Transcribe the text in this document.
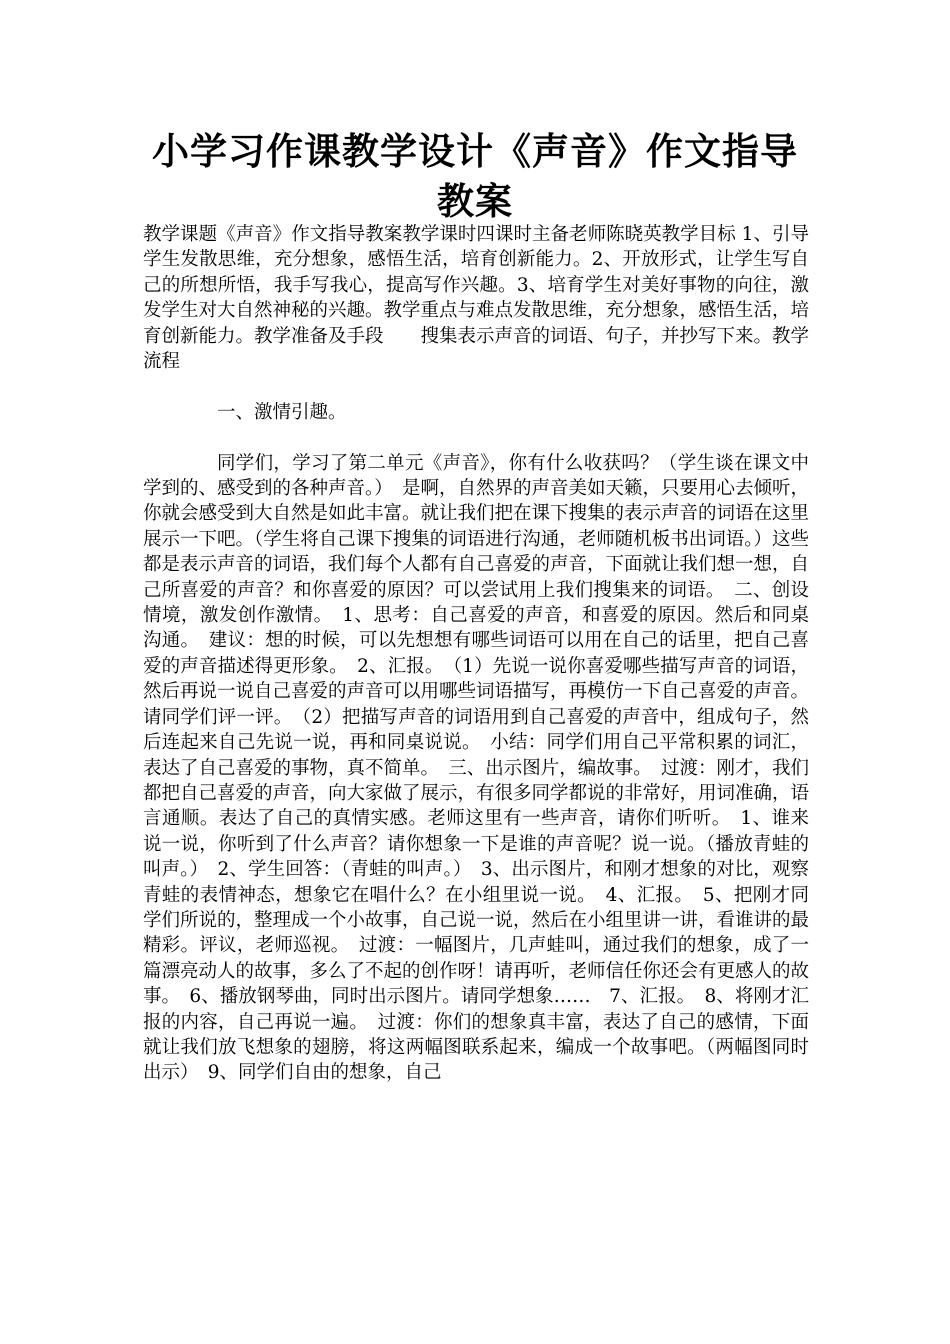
小学习作课教学设计《声音》作文指导教案

教学课题《声音》作文指导教案教学课时四课时主备老师陈晓英教学目标 1、引导学生发散思维，充分想象，感悟生活，培育创新能力。2、开放形式，让学生写自己的所想所悟，我手写我心，提高写作兴趣。3、培育学生对美好事物的向往，激发学生对大自然神秘的兴趣。教学重点与难点发散思维，充分想象，感悟生活，培育创新能力。教学准备及手段　　搜集表示声音的词语、句子，并抄写下来。教学流程

一、激情引趣。

同学们，学习了第二单元《声音》，你有什么收获吗？（学生谈在课文中学到的、感受到的各种声音。）　是啊，自然界的声音美如天籁，只要用心去倾听，你就会感受到大自然是如此丰富。就让我们把在课下搜集的表示声音的词语在这里展示一下吧。（学生将自己课下搜集的词语进行沟通，老师随机板书出词语。）这些都是表示声音的词语，我们每个人都有自己喜爱的声音，下面就让我们想一想，自己所喜爱的声音？和你喜爱的原因？可以尝试用上我们搜集来的词语。　二、创设情境，激发创作激情。　1、思考：自己喜爱的声音，和喜爱的原因。然后和同桌沟通。　建议：想的时候，可以先想想有哪些词语可以用在自己的话里，把自己喜爱的声音描述得更形象。　2、汇报。　（1）先说一说你喜爱哪些描写声音的词语，然后再说一说自己喜爱的声音可以用哪些词语描写，再模仿一下自己喜爱的声音。请同学们评一评。　（2）把描写声音的词语用到自己喜爱的声音中，组成句子，然后连起来自己先说一说，再和同桌说说。　小结：同学们用自己平常积累的词汇，表达了自己喜爱的事物，真不简单。　三、出示图片，编故事。　过渡：刚才，我们都把自己喜爱的声音，向大家做了展示，有很多同学都说的非常好，用词准确，语言通顺。表达了自己的真情实感。老师这里有一些声音，请你们听听。　1、谁来说一说，你听到了什么声音？请你想象一下是谁的声音呢？说一说。（播放青蛙的叫声。）　2、学生回答：（青蛙的叫声。）　3、出示图片，和刚才想象的对比，观察青蛙的表情神态，想象它在唱什么？在小组里说一说。　4、汇报。　5、把刚才同学们所说的，整理成一个小故事，自己说一说，然后在小组里讲一讲，看谁讲的最精彩。评议，老师巡视。　过渡：一幅图片，几声蛙叫，通过我们的想象，成了一篇漂亮动人的故事，多么了不起的创作呀！请再听，老师信任你还会有更感人的故事。　6、播放钢琴曲，同时出示图片。请同学想象……　7、汇报。　8、将刚才汇报的内容，自己再说一遍。　过渡：你们的想象真丰富，表达了自己的感情，下面就让我们放飞想象的翅膀，将这两幅图联系起来，编成一个故事吧。（两幅图同时出示）　9、同学们自由的想象，自己
